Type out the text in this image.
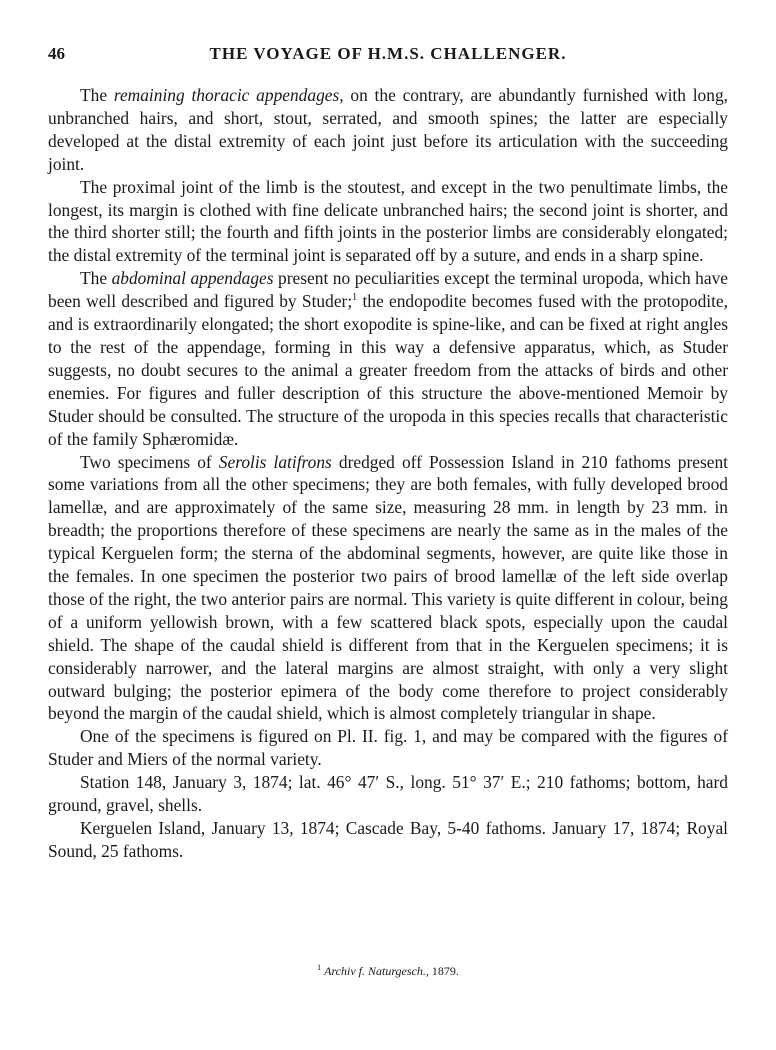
46	THE VOYAGE OF H.M.S. CHALLENGER.

The remaining thoracic appendages, on the contrary, are abundantly furnished with long, unbranched hairs, and short, stout, serrated, and smooth spines; the latter are especially developed at the distal extremity of each joint just before its articulation with the succeeding joint.

The proximal joint of the limb is the stoutest, and except in the two penultimate limbs, the longest, its margin is clothed with fine delicate unbranched hairs; the second joint is shorter, and the third shorter still; the fourth and fifth joints in the posterior limbs are considerably elongated; the distal extremity of the terminal joint is separated off by a suture, and ends in a sharp spine.

The abdominal appendages present no peculiarities except the terminal uropoda, which have been well described and figured by Studer;$^1$ the endopodite becomes fused with the protopodite, and is extraordinarily elongated; the short exopodite is spine-like, and can be fixed at right angles to the rest of the appendage, forming in this way a defensive apparatus, which, as Studer suggests, no doubt secures to the animal a greater freedom from the attacks of birds and other enemies. For figures and fuller description of this structure the above-mentioned Memoir by Studer should be consulted. The structure of the uropoda in this species recalls that characteristic of the family Sphæromidæ.

Two specimens of Serolis latifrons dredged off Possession Island in 210 fathoms present some variations from all the other specimens; they are both females, with fully developed brood lamellæ, and are approximately of the same size, measuring 28 mm. in length by 23 mm. in breadth; the proportions therefore of these specimens are nearly the same as in the males of the typical Kerguelen form; the sterna of the abdominal segments, however, are quite like those in the females. In one specimen the posterior two pairs of brood lamellæ of the left side overlap those of the right, the two anterior pairs are normal. This variety is quite different in colour, being of a uniform yellowish brown, with a few scattered black spots, especially upon the caudal shield. The shape of the caudal shield is different from that in the Kerguelen specimens; it is considerably narrower, and the lateral margins are almost straight, with only a very slight outward bulging; the posterior epimera of the body come therefore to project considerably beyond the margin of the caudal shield, which is almost completely triangular in shape.

One of the specimens is figured on Pl. II. fig. 1, and may be compared with the figures of Studer and Miers of the normal variety.

Station 148, January 3, 1874; lat. 46° 47′ S., long. 51° 37′ E.; 210 fathoms; bottom, hard ground, gravel, shells.

Kerguelen Island, January 13, 1874; Cascade Bay, 5-40 fathoms. January 17, 1874; Royal Sound, 25 fathoms.

$^1$ Archiv f. Naturgesch., 1879.
